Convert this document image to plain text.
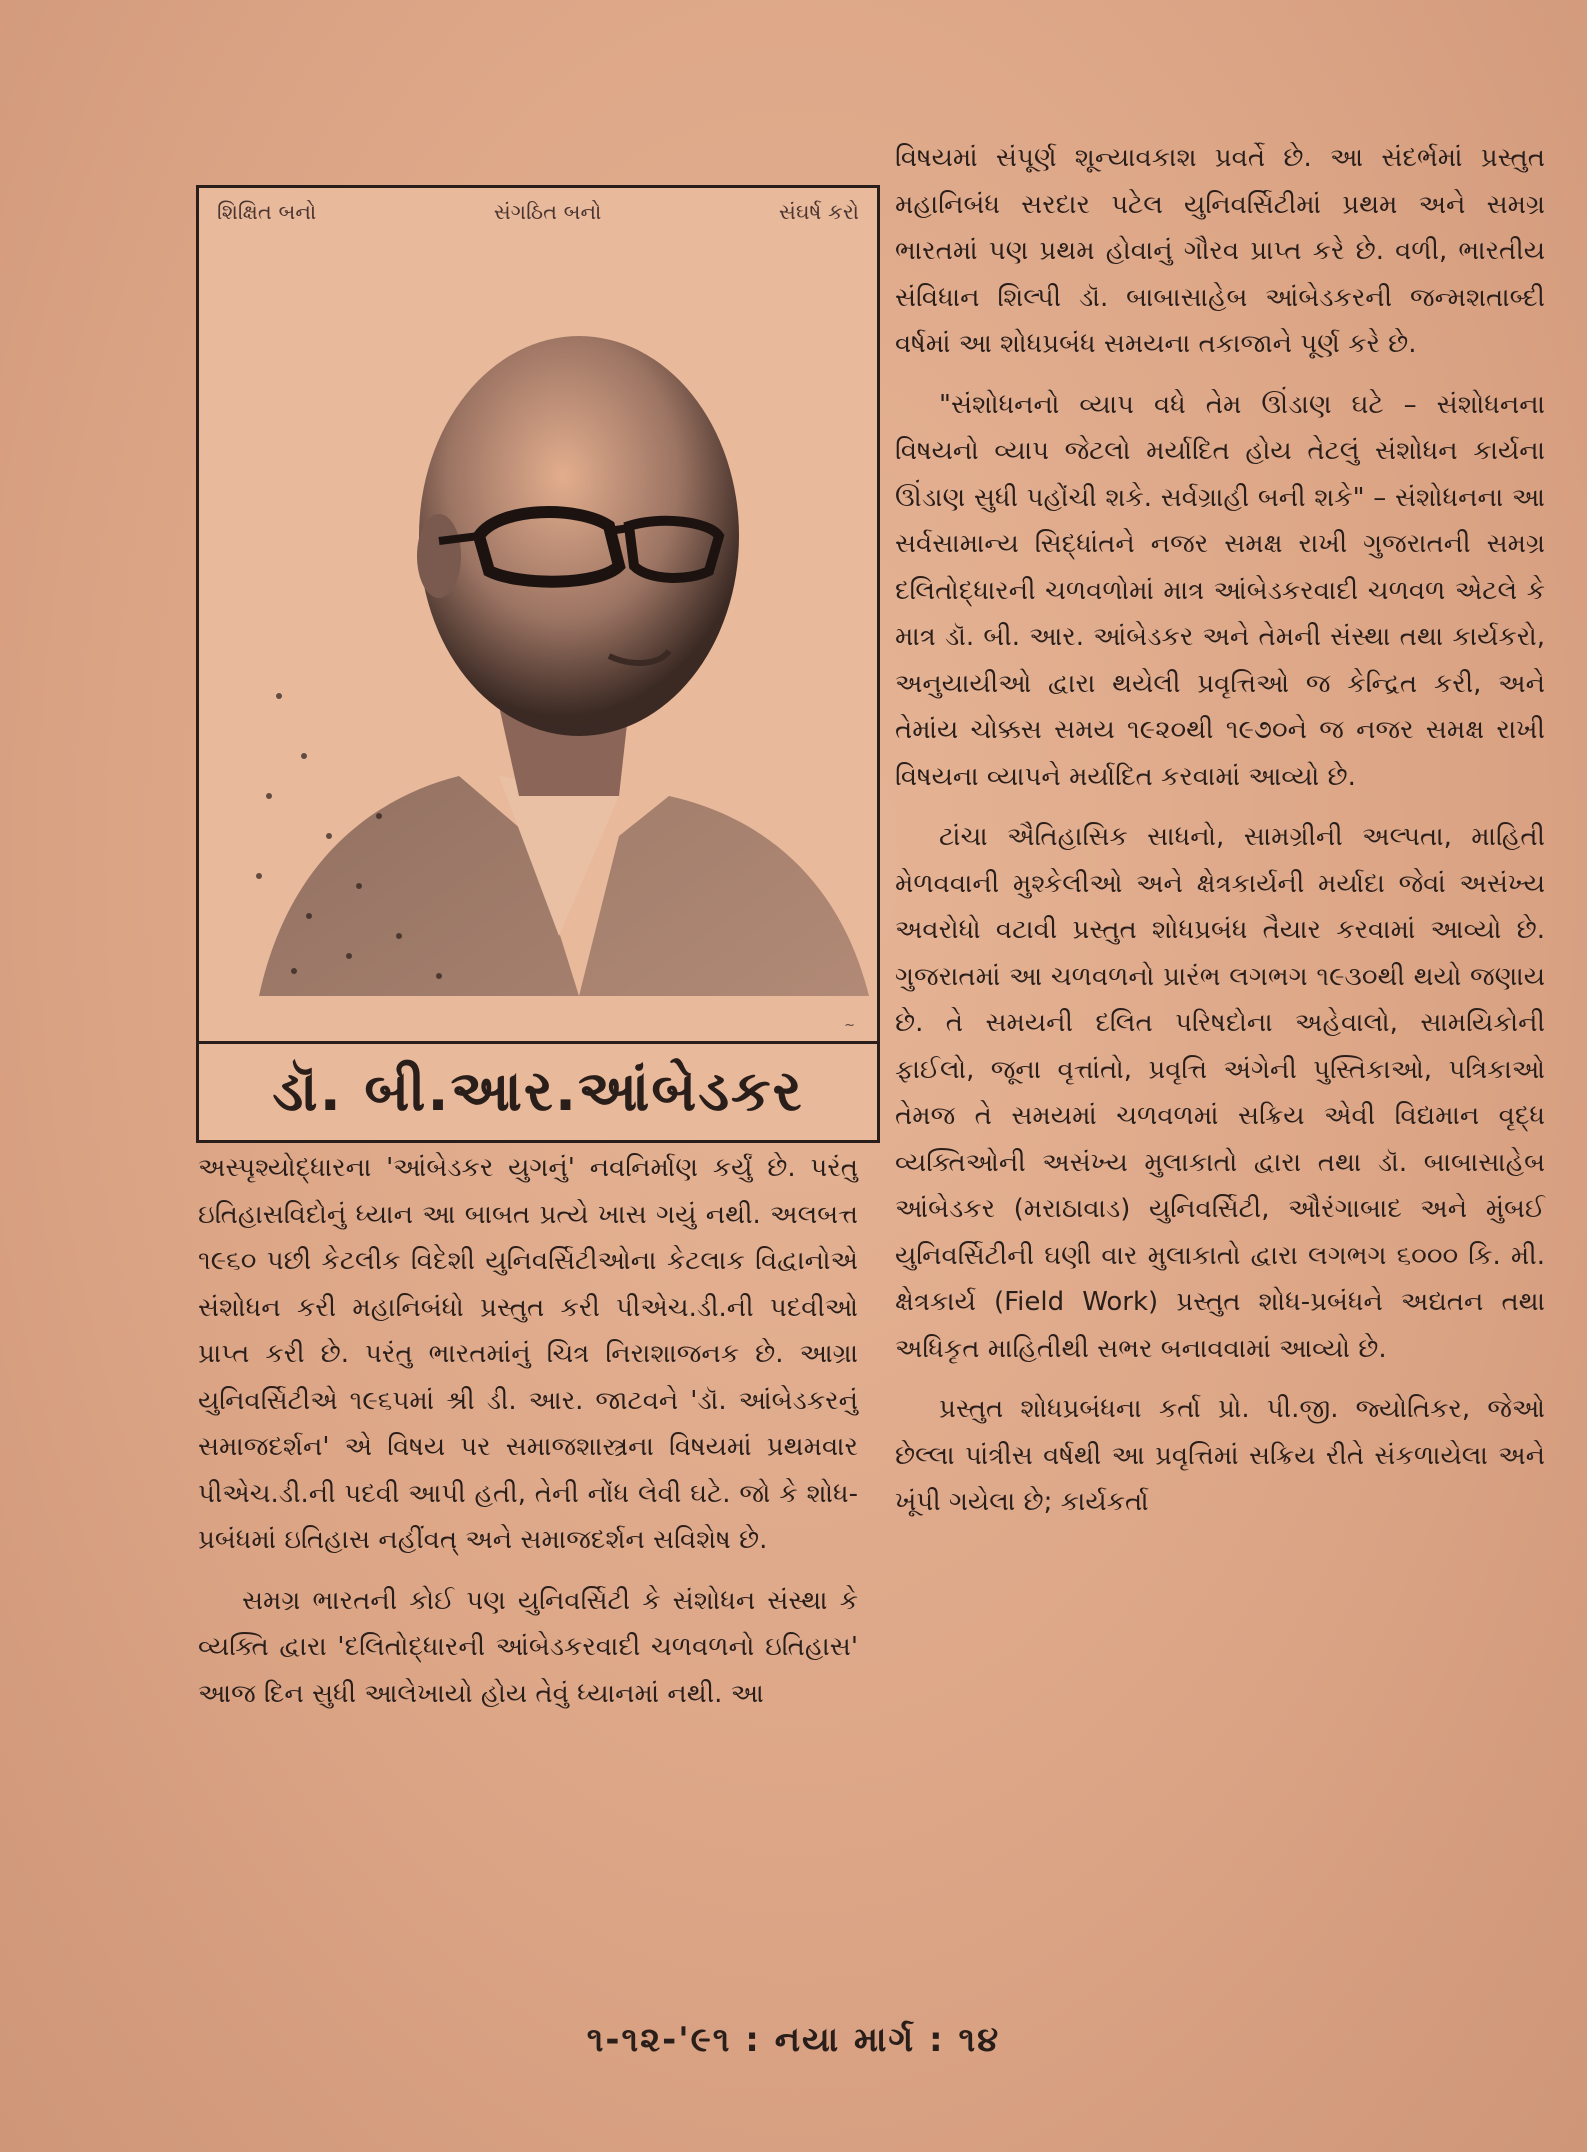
શિક્ષિત બનો	સંગઠિત બનો	સંઘર્ષ કરો
~
ડૉ. બી.આર.આંબેડકર

અસ્પૃશ્યોદ્ધારના 'આંબેડકર યુગનું' નવનિર્માણ કર્યું છે. પરંતુ ઇતિહાસવિદોનું ધ્યાન આ બાબત પ્રત્યે ખાસ ગયું નથી. અલબત્ત ૧૯૬૦ પછી કેટલીક વિદેશી યુનિવર્સિટીઓના કેટલાક વિદ્વાનોએ સંશોધન કરી મહાનિબંધો પ્રસ્તુત કરી પીએચ.ડી.ની પદવીઓ પ્રાપ્ત કરી છે. પરંતુ ભારતમાંનું ચિત્ર નિરાશાજનક છે. આગ્રા યુનિવર્સિટીએ ૧૯૬૫માં શ્રી ડી. આર. જાટવને 'ડૉ. આંબેડકરનું સમાજદર્શન' એ વિષય પર સમાજશાસ્ત્રના વિષયમાં પ્રથમવાર પીએચ.ડી.ની પદવી આપી હતી, તેની નોંધ લેવી ઘટે. જો કે શોધ-પ્રબંધમાં ઇતિહાસ નહીંવત્ અને સમાજદર્શન સવિશેષ છે.

સમગ્ર ભારતની કોઈ પણ યુનિવર્સિટી કે સંશોધન સંસ્થા કે વ્યક્તિ દ્વારા 'દલિતોદ્ધારની આંબેડકરવાદી ચળવળનો ઇતિહાસ' આજ દિન સુધી આલેખાયો હોય તેવું ધ્યાનમાં નથી. આ

વિષયમાં સંપૂર્ણ શૂન્યાવકાશ પ્રવર્તે છે. આ સંદર્ભમાં પ્રસ્તુત મહાનિબંધ સરદાર પટેલ યુનિવર્સિટીમાં પ્રથમ અને સમગ્ર ભારતમાં પણ પ્રથમ હોવાનું ગૌરવ પ્રાપ્ત કરે છે. વળી, ભારતીય સંવિધાન શિલ્પી ડૉ. બાબાસાહેબ આંબેડકરની જન્મશતાબ્દી વર્ષમાં આ શોધપ્રબંધ સમયના તકાજાને પૂર્ણ કરે છે.

"સંશોધનનો વ્યાપ વધે તેમ ઊંડાણ ઘટે – સંશોધનના વિષયનો વ્યાપ જેટલો મર્યાદિત હોય તેટલું સંશોધન કાર્યના ઊંડાણ સુધી પહોંચી શકે. સર્વગ્રાહી બની શકે" – સંશોધનના આ સર્વસામાન્ય સિદ્ધાંતને નજર સમક્ષ રાખી ગુજરાતની સમગ્ર દલિતોદ્ધારની ચળવળોમાં માત્ર આંબેડકરવાદી ચળવળ એટલે કે માત્ર ડૉ. બી. આર. આંબેડકર અને તેમની સંસ્થા તથા કાર્યકરો, અનુયાયીઓ દ્વારા થયેલી પ્રવૃત્તિઓ જ કેન્દ્રિત કરી, અને તેમાંય ચોક્કસ સમય ૧૯૨૦થી ૧૯૭૦ને જ નજર સમક્ષ રાખી વિષયના વ્યાપને મર્યાદિત કરવામાં આવ્યો છે.

ટાંચા ઐતિહાસિક સાધનો, સામગ્રીની અલ્પતા, માહિતી મેળવવાની મુશ્કેલીઓ અને ક્ષેત્રકાર્યની મર્યાદા જેવાં અસંખ્ય અવરોધો વટાવી પ્રસ્તુત શોધપ્રબંધ તૈયાર કરવામાં આવ્યો છે. ગુજરાતમાં આ ચળવળનો પ્રારંભ લગભગ ૧૯૩૦થી થયો જણાય છે. તે સમયની દલિત પરિષદોના અહેવાલો, સામયિકોની ફાઈલો, જૂના વૃત્તાંતો, પ્રવૃત્તિ અંગેની પુસ્તિકાઓ, પત્રિકાઓ તેમજ તે સમયમાં ચળવળમાં સક્રિય એવી વિદ્યમાન વૃદ્ધ વ્યક્તિઓની અસંખ્ય મુલાકાતો દ્વારા તથા ડૉ. બાબાસાહેબ આંબેડકર (મરાઠાવાડ) યુનિવર્સિટી, ઔરંગાબાદ અને મુંબઈ યુનિવર્સિટીની ઘણી વાર મુલાકાતો દ્વારા લગભગ ૬૦૦૦ કિ. મી. ક્ષેત્રકાર્ય (Field Work) પ્રસ્તુત શોધ-પ્રબંધને અદ્યતન તથા અધિકૃત માહિતીથી સભર બનાવવામાં આવ્યો છે.

પ્રસ્તુત શોધપ્રબંધના કર્તા પ્રો. પી.જી. જ્યોતિકર, જેઓ છેલ્લા પાંત્રીસ વર્ષથી આ પ્રવૃત્તિમાં સક્રિય રીતે સંકળાયેલા અને ખૂંપી ગયેલા છે; કાર્યકર્તા

૧-૧૨-'૯૧ : નયા માર્ગ : ૧૪
